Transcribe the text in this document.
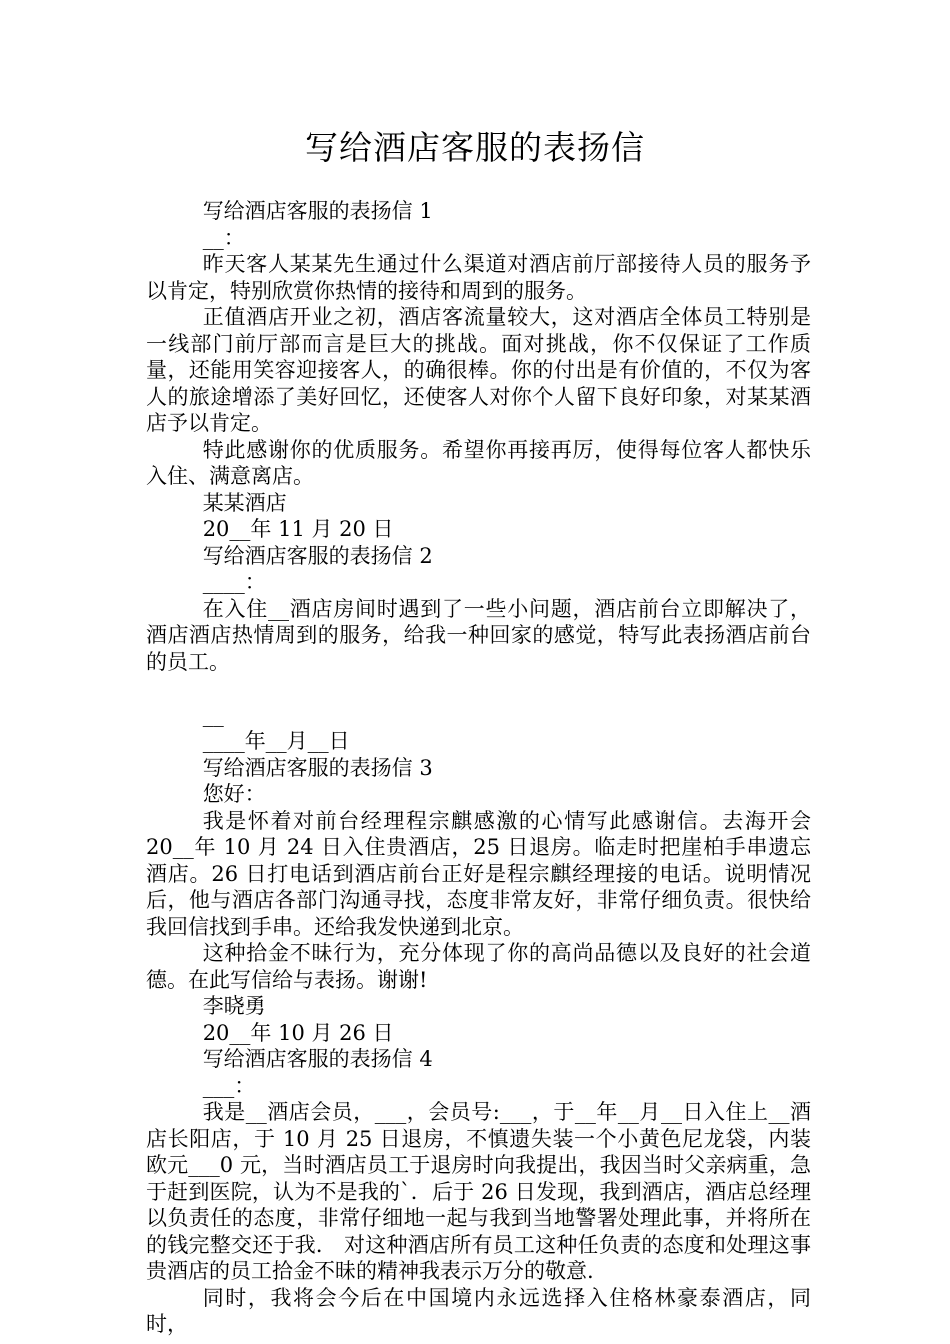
写给酒店客服的表扬信

写给酒店客服的表扬信 1

__：

昨天客人某某先生通过什么渠道对酒店前厅部接待人员的服务予以肯定，特别欣赏你热情的接待和周到的服务。

正值酒店开业之初，酒店客流量较大，这对酒店全体员工特别是一线部门前厅部而言是巨大的挑战。面对挑战，你不仅保证了工作质量，还能用笑容迎接客人，的确很棒。你的付出是有价值的，不仅为客人的旅途增添了美好回忆，还使客人对你个人留下良好印象，对某某酒店予以肯定。

特此感谢你的优质服务。希望你再接再厉，使得每位客人都快乐入住、满意离店。

某某酒店

20__年 11 月 20 日

写给酒店客服的表扬信 2

____：

在入住__酒店房间时遇到了一些小问题，酒店前台立即解决了，酒店酒店热情周到的服务，给我一种回家的感觉，特写此表扬酒店前台的员工。

__

____年__月__日

写给酒店客服的表扬信 3

您好：

我是怀着对前台经理程宗麒感激的心情写此感谢信。去海开会20__年 10 月 24 日入住贵酒店，25 日退房。临走时把崖柏手串遗忘酒店。26 日打电话到酒店前台正好是程宗麒经理接的电话。说明情况后，他与酒店各部门沟通寻找，态度非常友好，非常仔细负责。很快给我回信找到手串。还给我发快递到北京。

这种拾金不昧行为，充分体现了你的高尚品德以及良好的社会道德。在此写信给与表扬。谢谢!

李晓勇

20__年 10 月 26 日

写给酒店客服的表扬信 4

___：

我是__酒店会员，___，会员号:___，于__年__月__日入住上__酒店长阳店，于 10 月 25 日退房，不慎遗失装一个小黄色尼龙袋，内装欧元___0 元，当时酒店员工于退房时向我提出，我因当时父亲病重，急于赶到医院，认为不是我的`．后于 26 日发现，我到酒店，酒店总经理以负责任的态度，非常仔细地一起与我到当地警署处理此事，并将所在的钱完整交还于我． 对这种酒店所有员工这种任负责的态度和处理这事贵酒店的员工拾金不昧的精神我表示万分的敬意.

同时，我将会今后在中国境内永远选择入住格林豪泰酒店，同时，
